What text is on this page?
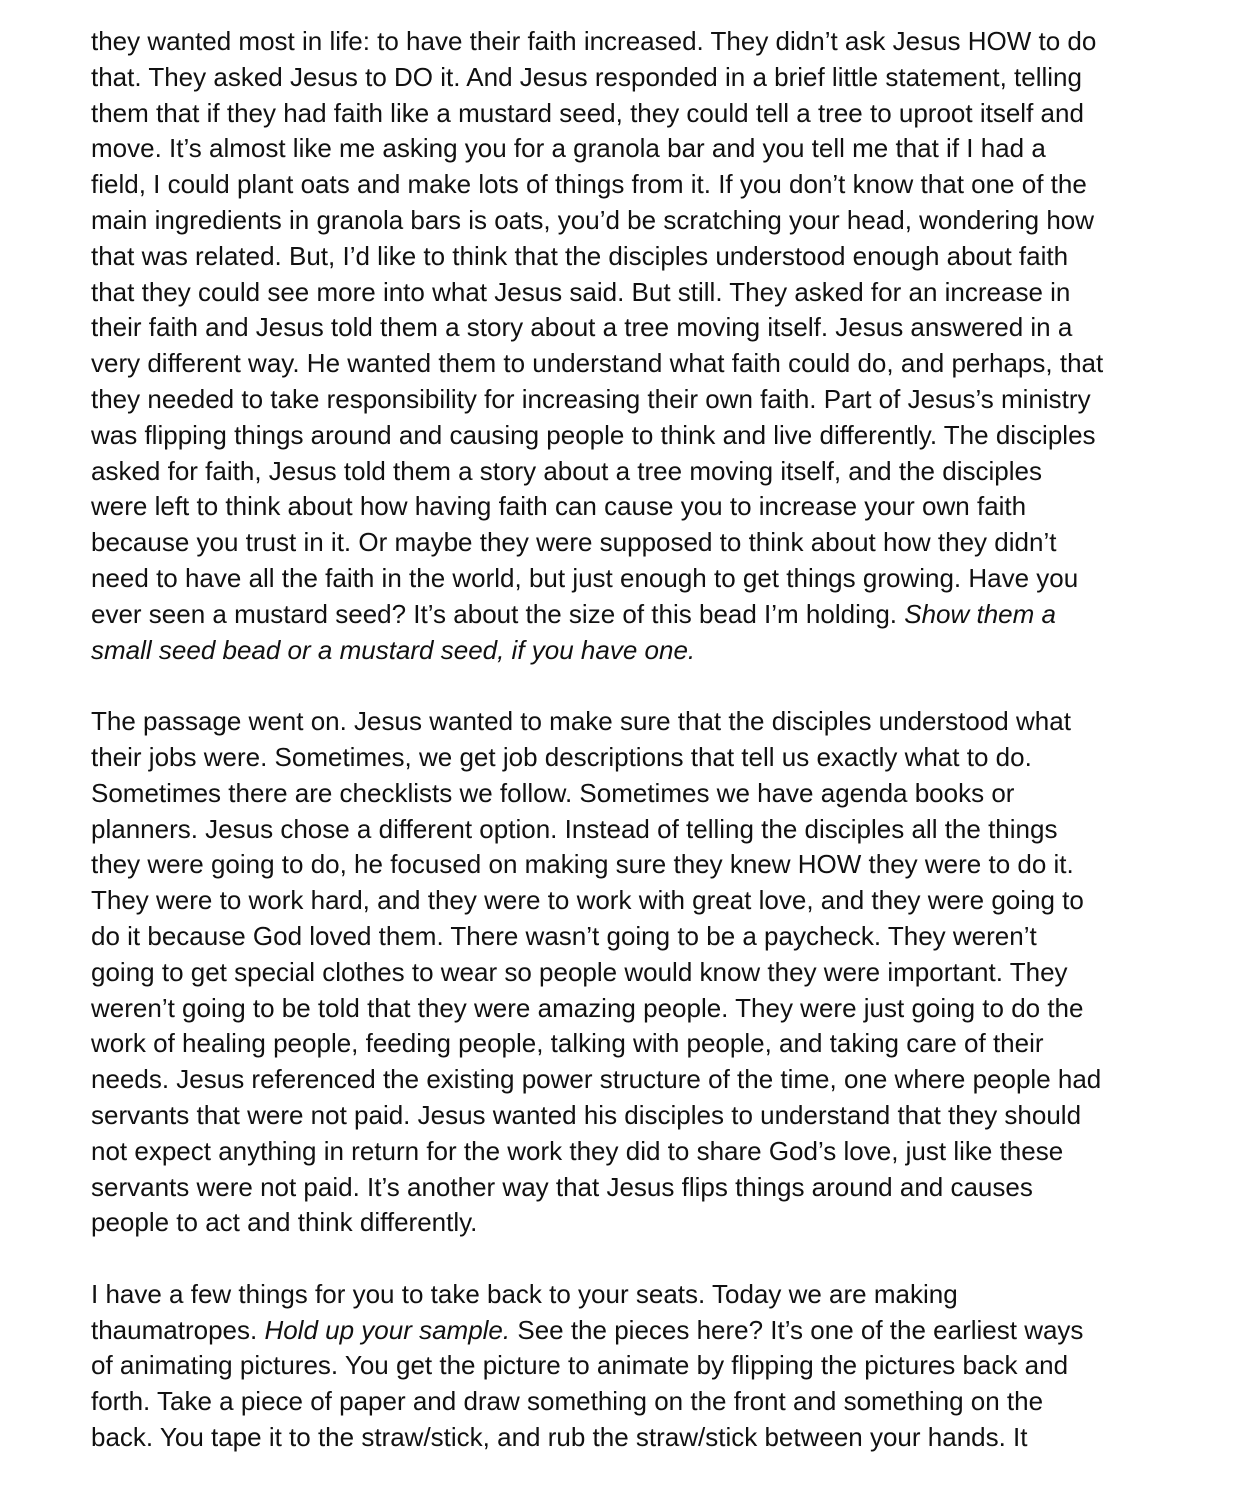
they wanted most in life: to have their faith increased. They didn’t ask Jesus HOW to do
that. They asked Jesus to DO it. And Jesus responded in a brief little statement, telling
them that if they had faith like a mustard seed, they could tell a tree to uproot itself and
move. It’s almost like me asking you for a granola bar and you tell me that if I had a
field, I could plant oats and make lots of things from it. If you don’t know that one of the
main ingredients in granola bars is oats, you’d be scratching your head, wondering how
that was related. But, I’d like to think that the disciples understood enough about faith
that they could see more into what Jesus said. But still. They asked for an increase in
their faith and Jesus told them a story about a tree moving itself. Jesus answered in a
very different way. He wanted them to understand what faith could do, and perhaps, that
they needed to take responsibility for increasing their own faith. Part of Jesus’s ministry
was flipping things around and causing people to think and live differently. The disciples
asked for faith, Jesus told them a story about a tree moving itself, and the disciples
were left to think about how having faith can cause you to increase your own faith
because you trust in it. Or maybe they were supposed to think about how they didn’t
need to have all the faith in the world, but just enough to get things growing. Have you
ever seen a mustard seed? It’s about the size of this bead I’m holding. Show them a
small seed bead or a mustard seed, if you have one.

The passage went on. Jesus wanted to make sure that the disciples understood what
their jobs were. Sometimes, we get job descriptions that tell us exactly what to do.
Sometimes there are checklists we follow. Sometimes we have agenda books or
planners. Jesus chose a different option. Instead of telling the disciples all the things
they were going to do, he focused on making sure they knew HOW they were to do it.
They were to work hard, and they were to work with great love, and they were going to
do it because God loved them. There wasn’t going to be a paycheck. They weren’t
going to get special clothes to wear so people would know they were important. They
weren’t going to be told that they were amazing people. They were just going to do the
work of healing people, feeding people, talking with people, and taking care of their
needs. Jesus referenced the existing power structure of the time, one where people had
servants that were not paid. Jesus wanted his disciples to understand that they should
not expect anything in return for the work they did to share God’s love, just like these
servants were not paid. It’s another way that Jesus flips things around and causes
people to act and think differently.

I have a few things for you to take back to your seats. Today we are making
thaumatropes. Hold up your sample. See the pieces here? It’s one of the earliest ways
of animating pictures. You get the picture to animate by flipping the pictures back and
forth. Take a piece of paper and draw something on the front and something on the
back. You tape it to the straw/stick, and rub the straw/stick between your hands. It
